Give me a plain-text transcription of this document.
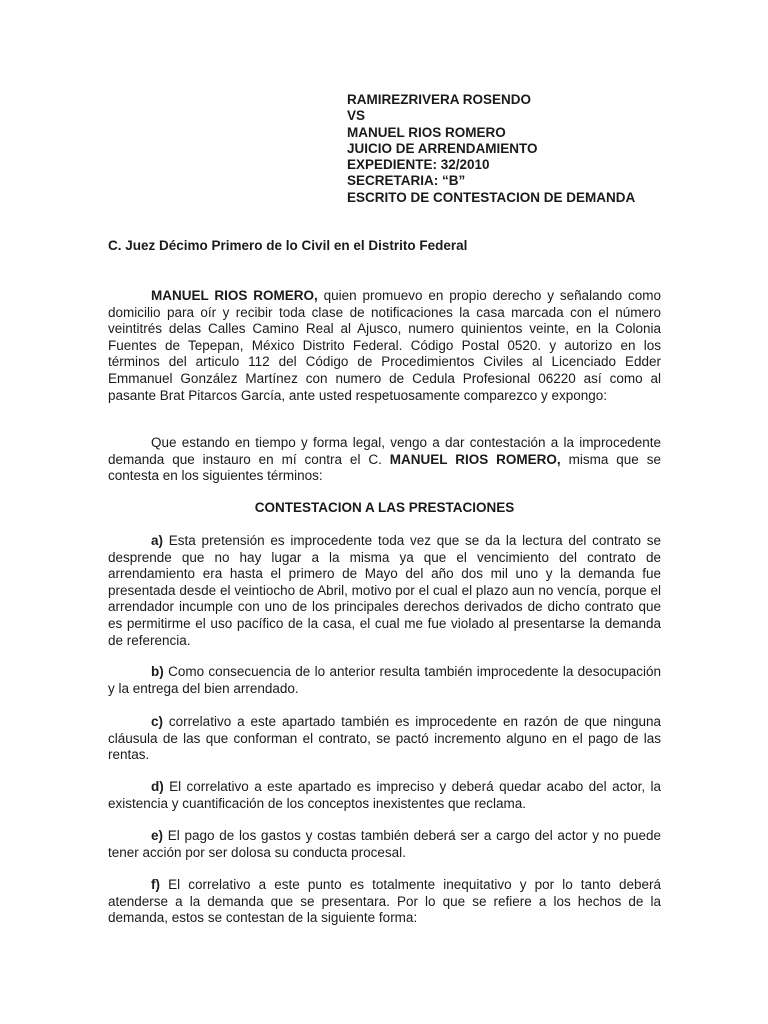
RAMIREZRIVERA ROSENDO
VS
MANUEL RIOS ROMERO
JUICIO DE ARRENDAMIENTO
EXPEDIENTE: 32/2010
SECRETARIA: “B”
ESCRITO DE CONTESTACION DE DEMANDA
C. Juez Décimo Primero de lo Civil en el Distrito Federal

MANUEL RIOS ROMERO, quien promuevo en propio derecho y señalando como domicilio para oír y recibir toda clase de notificaciones la casa marcada con el número veintitrés delas Calles Camino Real al Ajusco, numero quinientos veinte, en la Colonia Fuentes de Tepepan, México Distrito Federal. Código Postal 0520. y autorizo en los términos del articulo 112 del Código de Procedimientos Civiles al Licenciado Edder Emmanuel González Martínez con numero de Cedula Profesional 06220 así como al pasante Brat Pitarcos García, ante usted respetuosamente comparezco y expongo:

Que estando en tiempo y forma legal, vengo a dar contestación a la improcedente demanda que instauro en mí contra el C. MANUEL RIOS ROMERO, misma que se contesta en los siguientes términos:

CONTESTACION A LAS PRESTACIONES

a) Esta pretensión es improcedente toda vez que se da la lectura del contrato se desprende que no hay lugar a la misma ya que el vencimiento del contrato de arrendamiento era hasta el primero de Mayo del año dos mil uno y la demanda fue presentada desde el veintiocho de Abril, motivo por el cual el plazo aun no vencía, porque el arrendador incumple con uno de los principales derechos derivados de dicho contrato que es permitirme el uso pacífico de la casa, el cual me fue violado al presentarse la demanda de referencia.

b) Como consecuencia de lo anterior resulta también improcedente la desocupación y la entrega del bien arrendado.

c) correlativo a este apartado también es improcedente en razón de que ninguna cláusula de las que conforman el contrato, se pactó incremento alguno en el pago de las rentas.

d) El correlativo a este apartado es impreciso y deberá quedar acabo del actor, la existencia y cuantificación de los conceptos inexistentes que reclama.

e) El pago de los gastos y costas también deberá ser a cargo del actor y no puede tener acción por ser dolosa su conducta procesal.

f) El correlativo a este punto es totalmente inequitativo y por lo tanto deberá atenderse a la demanda que se presentara. Por lo que se refiere a los hechos de la demanda, estos se contestan de la siguiente forma:
